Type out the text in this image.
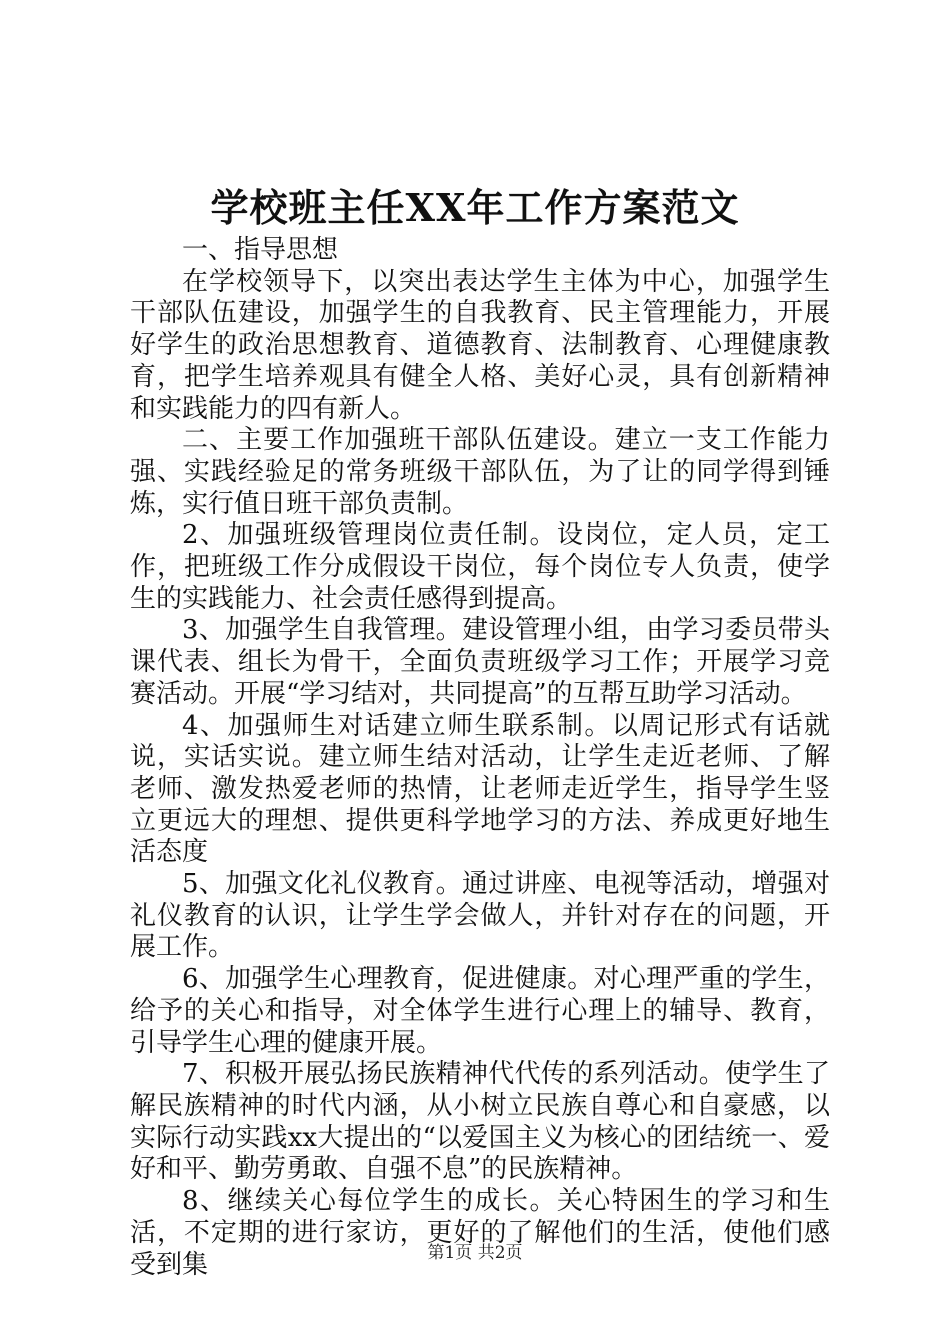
学校班主任XX年工作方案范文

一、指导思想

在学校领导下，以突出表达学生主体为中心，加强学生干部队伍建设，加强学生的自我教育、民主管理能力，开展好学生的政治思想教育、道德教育、法制教育、心理健康教育，把学生培养观具有健全人格、美好心灵，具有创新精神和实践能力的四有新人。

二、主要工作加强班干部队伍建设。建立一支工作能力强、实践经验足的常务班级干部队伍，为了让的同学得到锤炼，实行值日班干部负责制。

2、加强班级管理岗位责任制。设岗位，定人员，定工作，把班级工作分成假设干岗位，每个岗位专人负责，使学生的实践能力、社会责任感得到提高。

3、加强学生自我管理。建设管理小组，由学习委员带头课代表、组长为骨干，全面负责班级学习工作；开展学习竞赛活动。开展“学习结对，共同提高”的互帮互助学习活动。

4、加强师生对话建立师生联系制。以周记形式有话就说，实话实说。建立师生结对活动，让学生走近老师、了解老师、激发热爱老师的热情，让老师走近学生，指导学生竖立更远大的理想、提供更科学地学习的方法、养成更好地生活态度

5、加强文化礼仪教育。通过讲座、电视等活动，增强对礼仪教育的认识，让学生学会做人，并针对存在的问题，开展工作。

6、加强学生心理教育，促进健康。对心理严重的学生，给予的关心和指导，对全体学生进行心理上的辅导、教育，引导学生心理的健康开展。

7、积极开展弘扬民族精神代代传的系列活动。使学生了解民族精神的时代内涵，从小树立民族自尊心和自豪感，以实际行动实践xx大提出的“以爱国主义为核心的团结统一、爱好和平、勤劳勇敢、自强不息”的民族精神。

8、继续关心每位学生的成长。关心特困生的学习和生活，不定期的进行家访，更好的了解他们的生活，使他们感受到集	第1页 共2页
